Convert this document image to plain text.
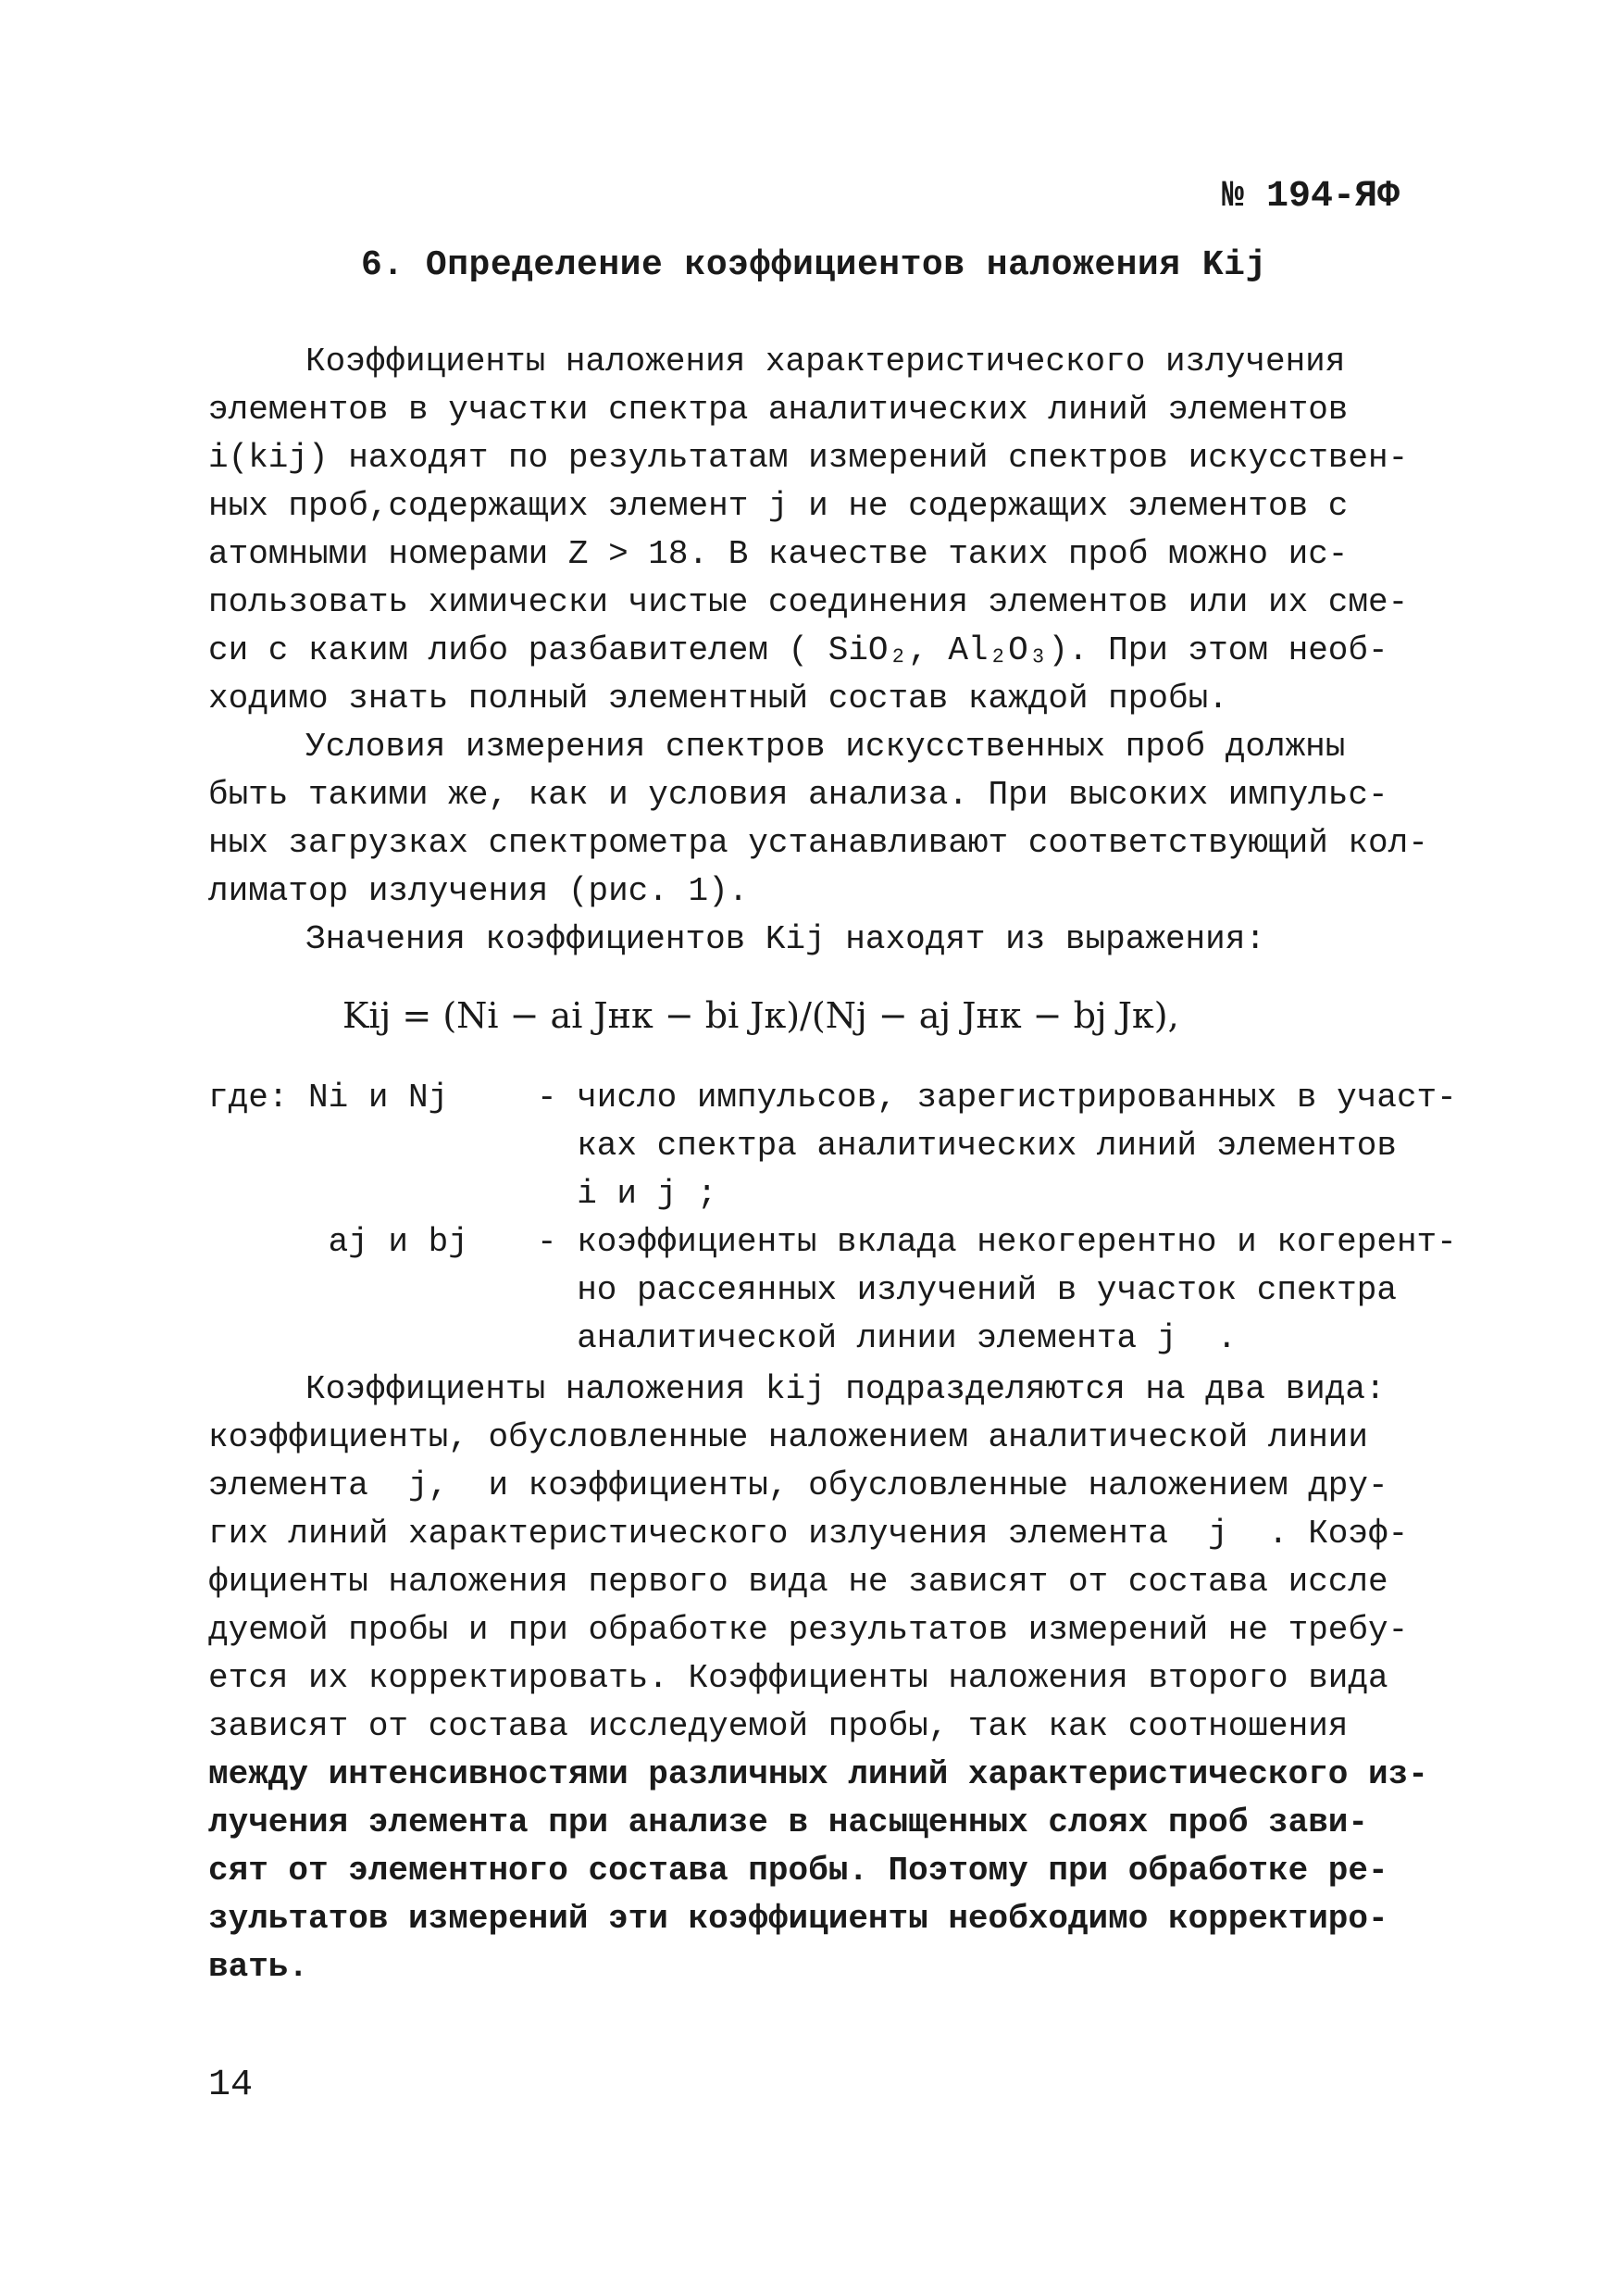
№ 194-ЯФ
6. Определение коэффициентов наложения Kij
Коэффициенты наложения характеристического излучения
элементов в участки спектра аналитических линий элементов
i(kij) находят по результатам измерений спектров искусствен-
ных проб,содержащих элемент j и не содержащих элементов с
атомными номерами Z > 18. В качестве таких проб можно ис-
пользовать химически чистые соединения элементов или их сме-
си с каким либо разбавителем ( SiO₂, Al₂O₃). При этом необ-
ходимо знать полный элементный состав каждой пробы.
Условия измерения спектров искусственных проб должны
быть такими же, как и условия анализа. При высоких импульс-
ных загрузках спектрометра устанавливают соответствующий кол-
лиматор излучения (рис. 1).
Значения коэффициентов Kij находят из выражения:
Kij = (Ni − ai Jнк − bi Jк)/(Nj − aj Jнк − bj Jк),
где: Ni и Nj	- число импульсов, зарегистрированных в участ-
ках спектра аналитических линий элементов
i и j ;
aj и bj - коэффициенты вклада некогерентно и когерент-
но рассеянных излучений в участок спектра
аналитической линии элемента j  .
Коэффициенты наложения kij подразделяются на два вида:
коэффициенты, обусловленные наложением аналитической линии
элемента  j,  и коэффициенты, обусловленные наложением дру-
гих линий характеристического излучения элемента  j  . Коэф-
фициенты наложения первого вида не зависят от состава иссле
дуемой пробы и при обработке результатов измерений не требу-
ется их корректировать. Коэффициенты наложения второго вида
зависят от состава исследуемой пробы, так как соотношения
между интенсивностями различных линий характеристического из-
лучения элемента при анализе в насыщенных слоях проб зави-
сят от элементного состава пробы. Поэтому при обработке ре-
зультатов измерений эти коэффициенты необходимо корректиро-
вать.
14
